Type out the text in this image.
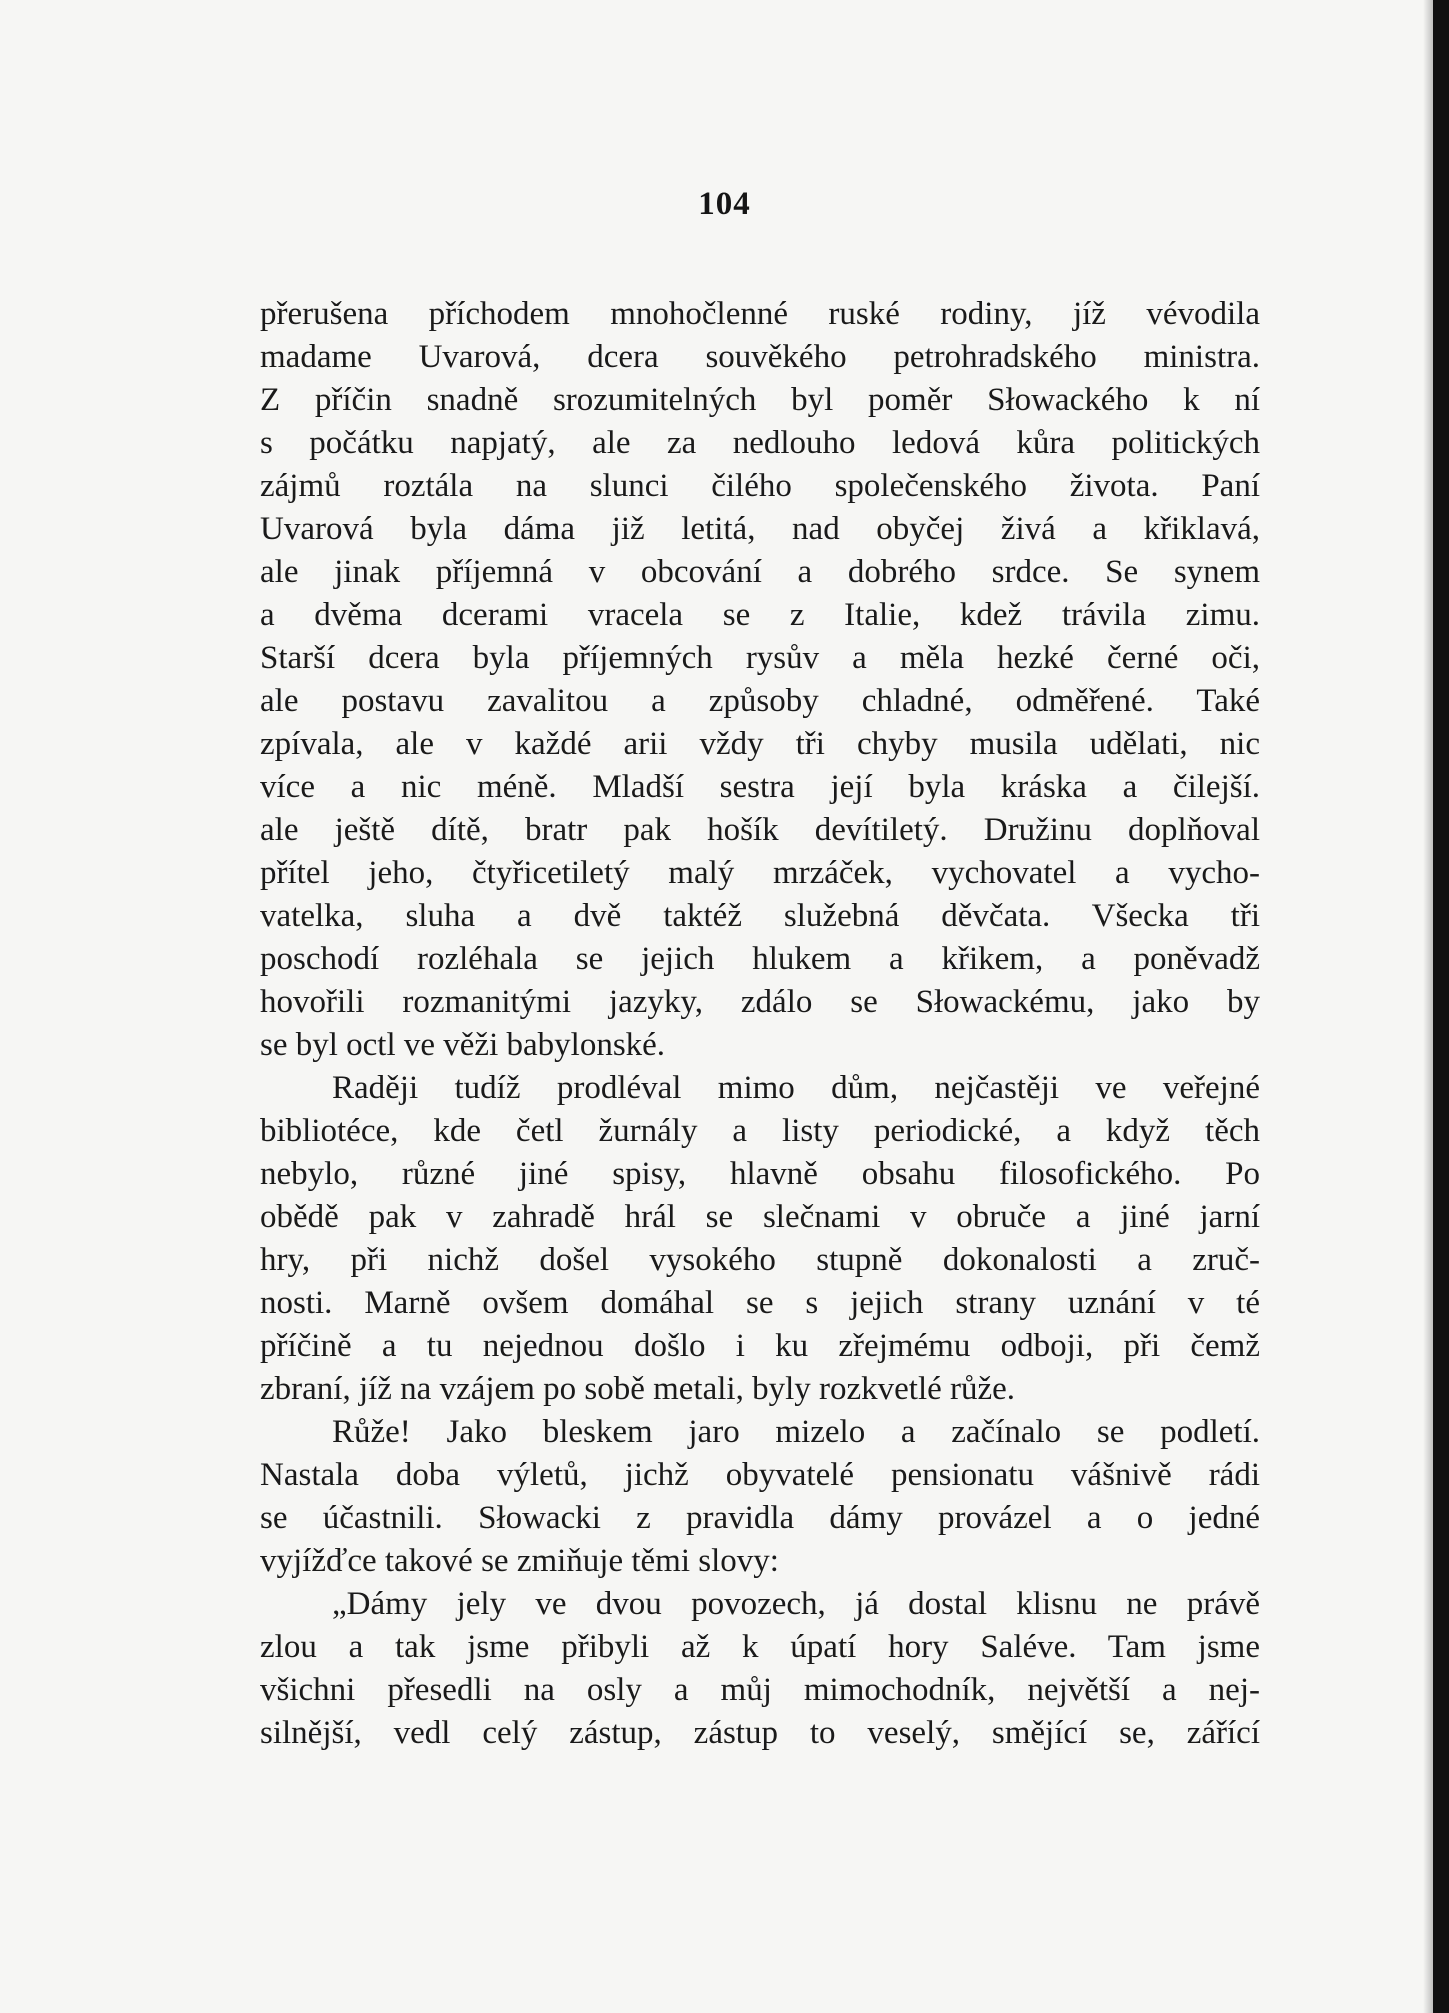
104
přerušena příchodem mnohočlenné ruské rodiny, jíž vévodila
madame Uvarová, dcera souvěkého petrohradského ministra.
Z příčin snadně srozumitelných byl poměr Słowackého k ní
s počátku napjatý, ale za nedlouho ledová kůra politických
zájmů roztála na slunci čilého společenského života. Paní
Uvarová byla dáma již letitá, nad obyčej živá a křiklavá,
ale jinak příjemná v obcování a dobrého srdce. Se synem
a dvěma dcerami vracela se z Italie, kdež trávila zimu.
Starší dcera byla příjemných rysův a měla hezké černé oči,
ale postavu zavalitou a způsoby chladné, odměřené. Také
zpívala, ale v každé arii vždy tři chyby musila udělati, nic
více a nic méně. Mladší sestra její byla kráska a čilejší.
ale ještě dítě, bratr pak hošík devítiletý. Družinu doplňoval
přítel jeho, čtyřicetiletý malý mrzáček, vychovatel a vycho-
vatelka, sluha a dvě taktéž služebná děvčata. Všecka tři
poschodí rozléhala se jejich hlukem a křikem, a poněvadž
hovořili rozmanitými jazyky, zdálo se Słowackému, jako by
se byl octl ve věži babylonské.
Raději tudíž prodléval mimo dům, nejčastěji ve veřejné
bibliotéce, kde četl žurnály a listy periodické, a když těch
nebylo, různé jiné spisy, hlavně obsahu filosofického. Po
obědě pak v zahradě hrál se slečnami v obruče a jiné jarní
hry, při nichž došel vysokého stupně dokonalosti a zruč-
nosti. Marně ovšem domáhal se s jejich strany uznání v té
příčině a tu nejednou došlo i ku zřejmému odboji, při čemž
zbraní, jíž na vzájem po sobě metali, byly rozkvetlé růže.
Růže! Jako bleskem jaro mizelo a začínalo se podletí.
Nastala doba výletů, jichž obyvatelé pensionatu vášnivě rádi
se účastnili. Słowacki z pravidla dámy provázel a o jedné
vyjížďce takové se zmiňuje těmi slovy:
„Dámy jely ve dvou povozech, já dostal klisnu ne právě
zlou a tak jsme přibyli až k úpatí hory Saléve. Tam jsme
všichni přesedli na osly a můj mimochodník, největší a nej-
silnější, vedl celý zástup, zástup to veselý, smějící se, zářící
